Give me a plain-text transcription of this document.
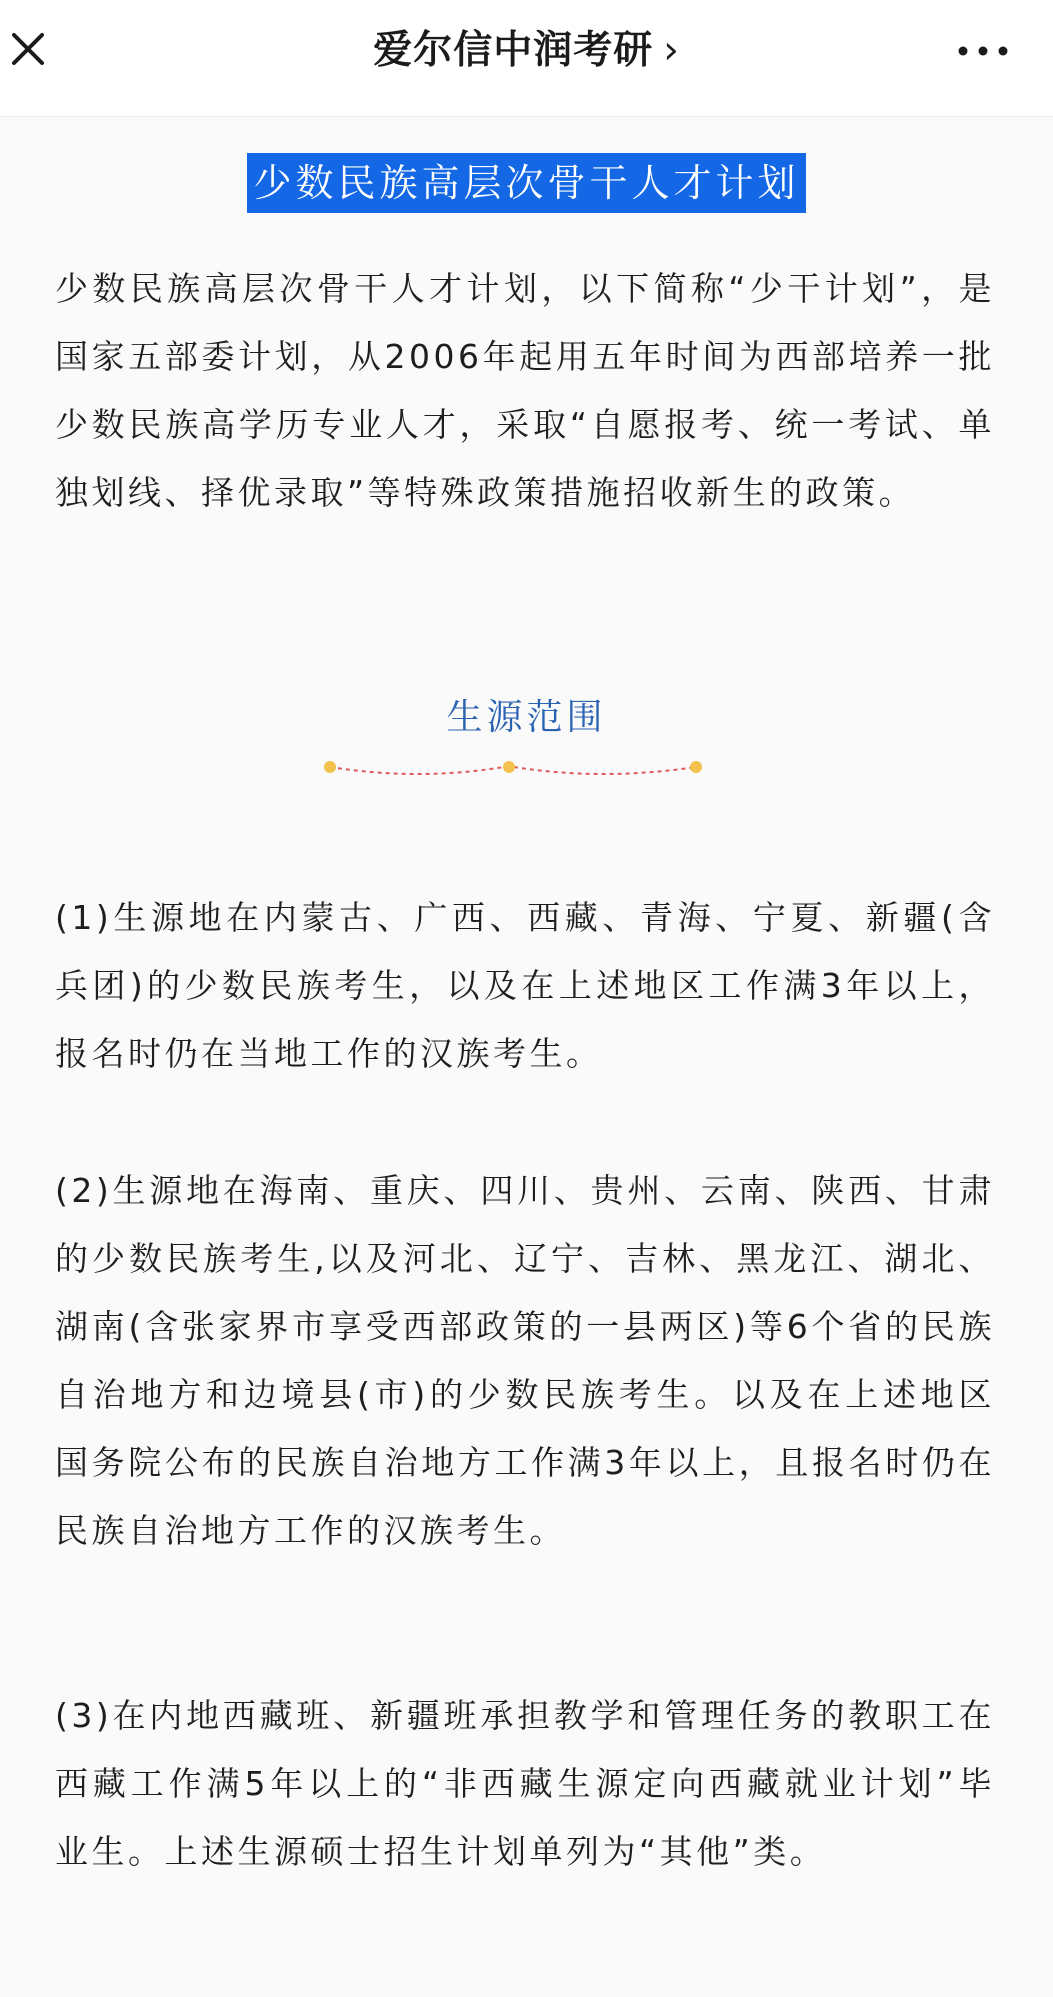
爱尔信中润考研 ›
少数民族高层次骨干人才计划

少数民族高层次骨干人才计划，以下简称“少干计划”，是国家五部委计划，从2006年起用五年时间为西部培养一批少数民族高学历专业人才，采取“自愿报考、统一考试、单独划线、择优录取”等特殊政策措施招收新生的政策。

生源范围

(1)生源地在内蒙古、广西、西藏、青海、宁夏、新疆(含兵团)的少数民族考生，以及在上述地区工作满3年以上，报名时仍在当地工作的汉族考生。

(2)生源地在海南、重庆、四川、贵州、云南、陕西、甘肃的少数民族考生,以及河北、辽宁、吉林、黑龙江、湖北、湖南(含张家界市享受西部政策的一县两区)等6个省的民族自治地方和边境县(市)的少数民族考生。以及在上述地区国务院公布的民族自治地方工作满3年以上，且报名时仍在民族自治地方工作的汉族考生。

(3)在内地西藏班、新疆班承担教学和管理任务的教职工在西藏工作满5年以上的“非西藏生源定向西藏就业计划”毕业生。上述生源硕士招生计划单列为“其他”类。
